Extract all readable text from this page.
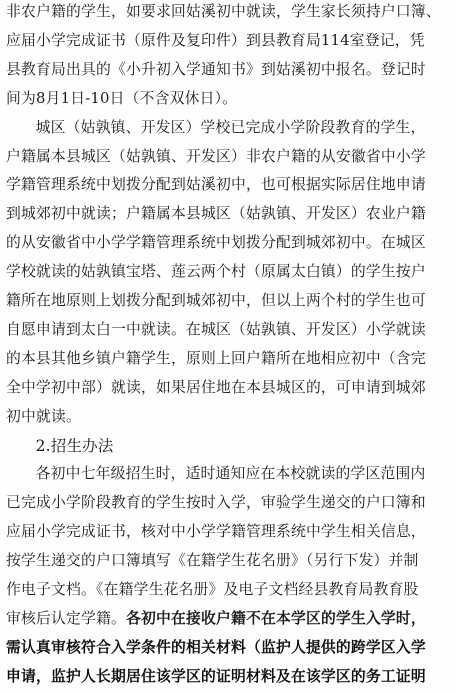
非农户籍的学生，如要求回姑溪初中就读，学生家长须持户口簿、
应届小学完成证书（原件及复印件）到县教育局114室登记，凭
县教育局出具的《小升初入学通知书》到姑溪初中报名。登记时
间为8月1日-10日（不含双休日）。
城区（姑孰镇、开发区）学校已完成小学阶段教育的学生，
户籍属本县城区（姑孰镇、开发区）非农户籍的从安徽省中小学
学籍管理系统中划拨分配到姑溪初中，也可根据实际居住地申请
到城郊初中就读；户籍属本县城区（姑孰镇、开发区）农业户籍
的从安徽省中小学学籍管理系统中划拨分配到城郊初中。在城区
学校就读的姑孰镇宝塔、莲云两个村（原属太白镇）的学生按户
籍所在地原则上划拨分配到城郊初中，但以上两个村的学生也可
自愿申请到太白一中就读。在城区（姑孰镇、开发区）小学就读
的本县其他乡镇户籍学生，原则上回户籍所在地相应初中（含完
全中学初中部）就读，如果居住地在本县城区的，可申请到城郊
初中就读。
2.招生办法
各初中七年级招生时，适时通知应在本校就读的学区范围内
已完成小学阶段教育的学生按时入学，审验学生递交的户口簿和
应届小学完成证书，核对中小学学籍管理系统中学生相关信息，
按学生递交的户口簿填写《在籍学生花名册》（另行下发）并制
作电子文档。《在籍学生花名册》及电子文档经县教育局教育股
审核后认定学籍。各初中在接收户籍不在本学区的学生入学时，
需认真审核符合入学条件的相关材料（监护人提供的跨学区入学
申请，监护人长期居住该学区的证明材料及在该学区的务工证明
